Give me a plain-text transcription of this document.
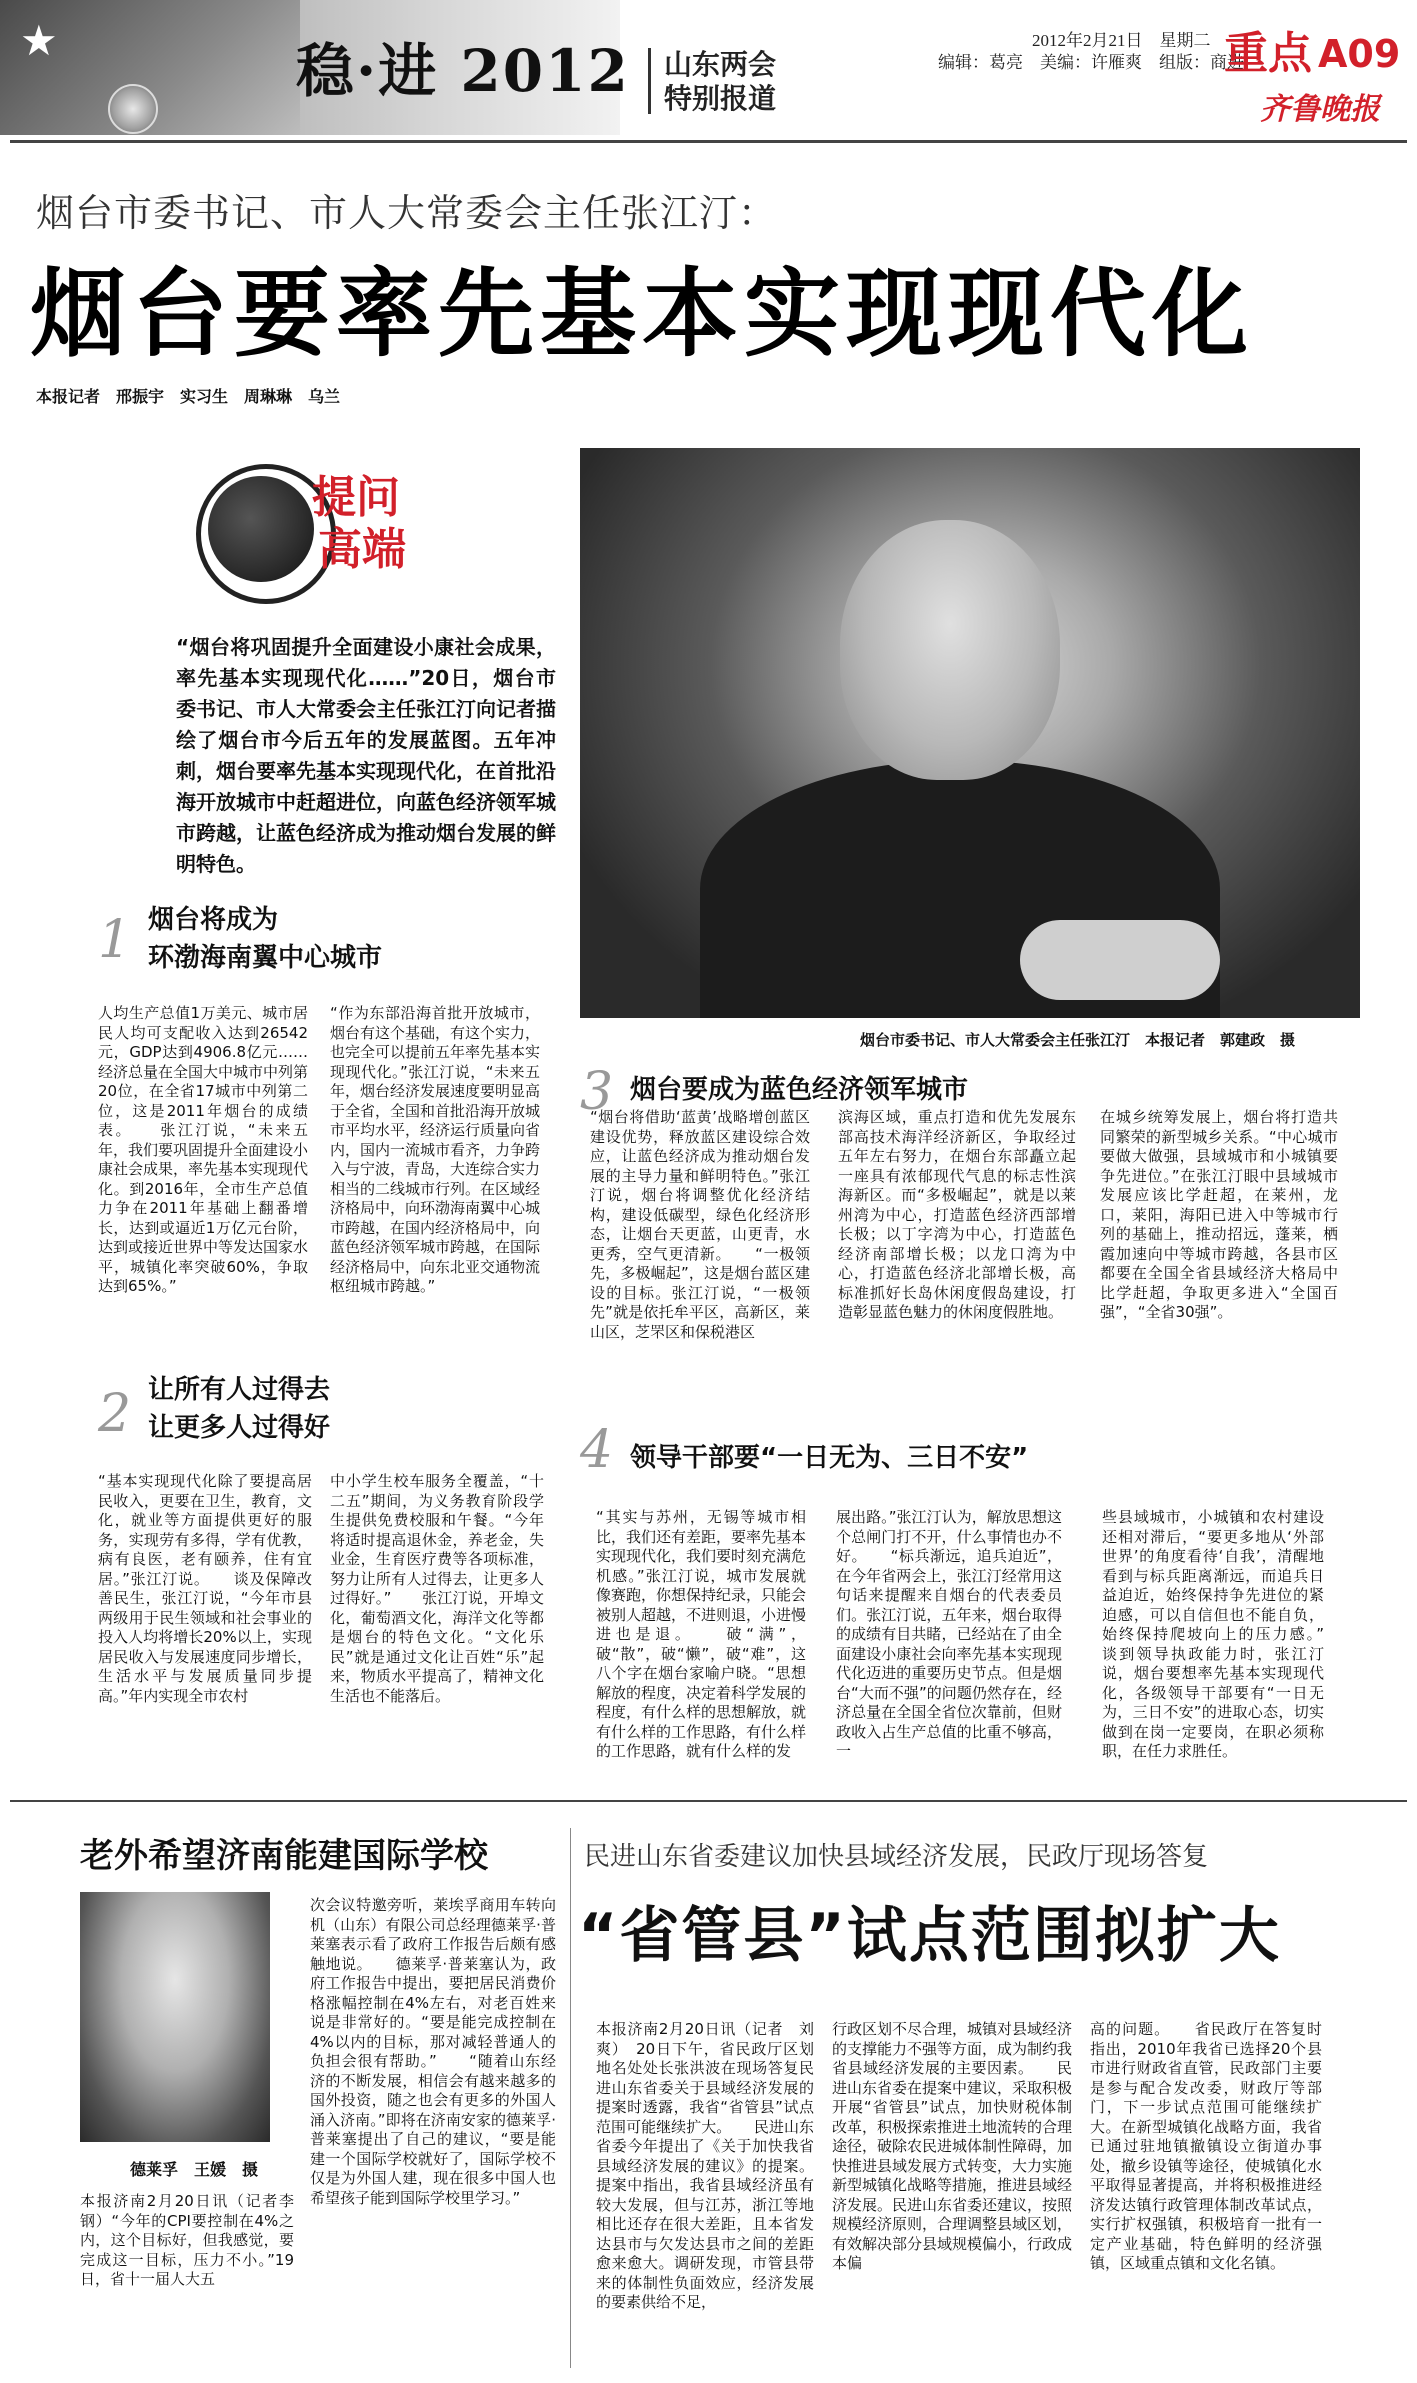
★	稳·进 2012 山东两会
特别报道
2012年2月21日　星期二
编辑：葛亮　美编：许雁爽　组版：商进
重点 A09
齐鲁晚报
烟台市委书记、市人大常委会主任张江汀：
烟台要率先基本实现现代化
本报记者　邢振宇　实习生　周琳琳　乌兰
提问
高端
“烟台将巩固提升全面建设小康社会成果，率先基本实现现代化……”20日，烟台市委书记、市人大常委会主任张江汀向记者描绘了烟台市今后五年的发展蓝图。五年冲刺，烟台要率先基本实现现代化，在首批沿海开放城市中赶超进位，向蓝色经济领军城市跨越，让蓝色经济成为推动烟台发展的鲜明特色。
烟台市委书记、市人大常委会主任张江汀　本报记者　郭建政　摄
1 烟台将成为
环渤海南翼中心城市
人均生产总值1万美元、城市居民人均可支配收入达到26542元，GDP达到4906.8亿元……经济总量在全国大中城市中列第20位，在全省17城市中列第二位，这是2011年烟台的成绩表。　　张江汀说，“未来五年，我们要巩固提升全面建设小康社会成果，率先基本实现现代化。到2016年，全市生产总值力争在2011年基础上翻番增长，达到或逼近1万亿元台阶，达到或接近世界中等发达国家水平，城镇化率突破60%，争取达到65%。”
“作为东部沿海首批开放城市，烟台有这个基础，有这个实力，也完全可以提前五年率先基本实现现代化。”张江汀说，“未来五年，烟台经济发展速度要明显高于全省，全国和首批沿海开放城市平均水平，经济运行质量向省内，国内一流城市看齐，力争跨入与宁波，青岛，大连综合实力相当的二线城市行列。在区域经济格局中，向环渤海南翼中心城市跨越，在国内经济格局中，向蓝色经济领军城市跨越，在国际经济格局中，向东北亚交通物流枢纽城市跨越。”
2 让所有人过得去
让更多人过得好
“基本实现现代化除了要提高居民收入，更要在卫生，教育，文化，就业等方面提供更好的服务，实现劳有多得，学有优教，病有良医，老有颐养，住有宜居。”张江汀说。　　谈及保障改善民生，张江汀说，“今年市县两级用于民生领域和社会事业的投入人均将增长20%以上，实现居民收入与发展速度同步增长，生活水平与发展质量同步提高。”年内实现全市农村
中小学生校车服务全覆盖，“十二五”期间，为义务教育阶段学生提供免费校服和午餐。“今年将适时提高退休金，养老金，失业金，生育医疗费等各项标准，努力让所有人过得去，让更多人过得好。”　　张江汀说，开埠文化，葡萄酒文化，海洋文化等都是烟台的特色文化。“文化乐民”就是通过文化让百姓“乐”起来，物质水平提高了，精神文化生活也不能落后。
3 烟台要成为蓝色经济领军城市
“烟台将借助‘蓝黄’战略增创蓝区建设优势，释放蓝区建设综合效应，让蓝色经济成为推动烟台发展的主导力量和鲜明特色。”张江汀说，烟台将调整优化经济结构，建设低碳型，绿色化经济形态，让烟台天更蓝，山更青，水更秀，空气更清新。　　“一极领先，多极崛起”，这是烟台蓝区建设的目标。张江汀说，“一极领先”就是依托牟平区，高新区，莱山区，芝罘区和保税港区
滨海区域，重点打造和优先发展东部高技术海洋经济新区，争取经过五年左右努力，在烟台东部矗立起一座具有浓郁现代气息的标志性滨海新区。而“多极崛起”，就是以莱州湾为中心，打造蓝色经济西部增长极；以丁字湾为中心，打造蓝色经济南部增长极；以龙口湾为中心，打造蓝色经济北部增长极，高标准抓好长岛休闲度假岛建设，打造彰显蓝色魅力的休闲度假胜地。
在城乡统筹发展上，烟台将打造共同繁荣的新型城乡关系。“中心城市要做大做强，县域城市和小城镇要争先进位。”在张江汀眼中县域城市发展应该比学赶超，在莱州，龙口，莱阳，海阳已进入中等城市行列的基础上，推动招远，蓬莱，栖霞加速向中等城市跨越，各县市区都要在全国全省县域经济大格局中比学赶超，争取更多进入“全国百强”，“全省30强”。
4 领导干部要“一日无为、三日不安”
“其实与苏州，无锡等城市相比，我们还有差距，要率先基本实现现代化，我们要时刻充满危机感。”张江汀说，城市发展就像赛跑，你想保持纪录，只能会被别人超越，不进则退，小进慢进也是退。　　破“满”，破“散”，破“懒”，破“难”，这八个字在烟台家喻户晓。“思想解放的程度，决定着科学发展的程度，有什么样的思想解放，就有什么样的工作思路，有什么样的工作思路，就有什么样的发
展出路。”张江汀认为，解放思想这个总闸门打不开，什么事情也办不好。　　“标兵渐远，追兵迫近”，在今年省两会上，张江汀经常用这句话来提醒来自烟台的代表委员们。张江汀说，五年来，烟台取得的成绩有目共睹，已经站在了由全面建设小康社会向率先基本实现现代化迈进的重要历史节点。但是烟台“大而不强”的问题仍然存在，经济总量在全国全省位次靠前，但财政收入占生产总值的比重不够高，一
些县域城市，小城镇和农村建设还相对滞后，“要更多地从‘外部世界’的角度看待‘自我’，清醒地看到与标兵距离渐远，而追兵日益迫近，始终保持争先进位的紧迫感，可以自信但也不能自负，始终保持爬坡向上的压力感。”　　谈到领导执政能力时，张江汀说，烟台要想率先基本实现现代化，各级领导干部要有“一日无为，三日不安”的进取心态，切实做到在岗一定要岗，在职必须称职，在任力求胜任。
老外希望济南能建国际学校
德莱孚　王媛　摄
本报济南2月20日讯（记者李钢）“今年的CPI要控制在4%之内，这个目标好，但我感觉，要完成这一目标，压力不小。”19日，省十一届人大五
次会议特邀旁听，莱埃孚商用车转向机（山东）有限公司总经理德莱孚·普莱塞表示看了政府工作报告后颇有感触地说。　　德莱孚·普莱塞认为，政府工作报告中提出，要把居民消费价格涨幅控制在4%左右，对老百姓来说是非常好的。“要是能完成控制在4%以内的目标，那对减轻普通人的负担会很有帮助。”　　“随着山东经济的不断发展，相信会有越来越多的国外投资，随之也会有更多的外国人涌入济南。”即将在济南安家的德莱孚·普莱塞提出了自己的建议，“要是能建一个国际学校就好了，国际学校不仅是为外国人建，现在很多中国人也希望孩子能到国际学校里学习。”
民进山东省委建议加快县域经济发展，民政厅现场答复
“省管县”试点范围拟扩大
本报济南2月20日讯（记者　刘爽）　20日下午，省民政厅区划地名处处长张洪波在现场答复民进山东省委关于县域经济发展的提案时透露，我省“省管县”试点范围可能继续扩大。　　民进山东省委今年提出了《关于加快我省县域经济发展的建议》的提案。提案中指出，我省县域经济虽有较大发展，但与江苏，浙江等地相比还存在很大差距，且本省发达县市与欠发达县市之间的差距愈来愈大。调研发现，市管县带来的体制性负面效应，经济发展的要素供给不足，
行政区划不尽合理，城镇对县域经济的支撑能力不强等方面，成为制约我省县域经济发展的主要因素。　　民进山东省委在提案中建议，采取积极开展“省管县”试点，加快财税体制改革，积极探索推进土地流转的合理途径，破除农民进城体制性障碍，加快推进县域发展方式转变，大力实施新型城镇化战略等措施，推进县域经济发展。民进山东省委还建议，按照规模经济原则，合理调整县域区划，有效解决部分县域规模偏小，行政成本偏
高的问题。　　省民政厅在答复时指出，2010年我省已选择20个县市进行财政省直管，民政部门主要是参与配合发改委，财政厅等部门，下一步试点范围可能继续扩大。在新型城镇化战略方面，我省已通过驻地镇撤镇设立街道办事处，撤乡设镇等途径，使城镇化水平取得显著提高，并将积极推进经济发达镇行政管理体制改革试点，实行扩权强镇，积极培育一批有一定产业基础，特色鲜明的经济强镇，区域重点镇和文化名镇。
